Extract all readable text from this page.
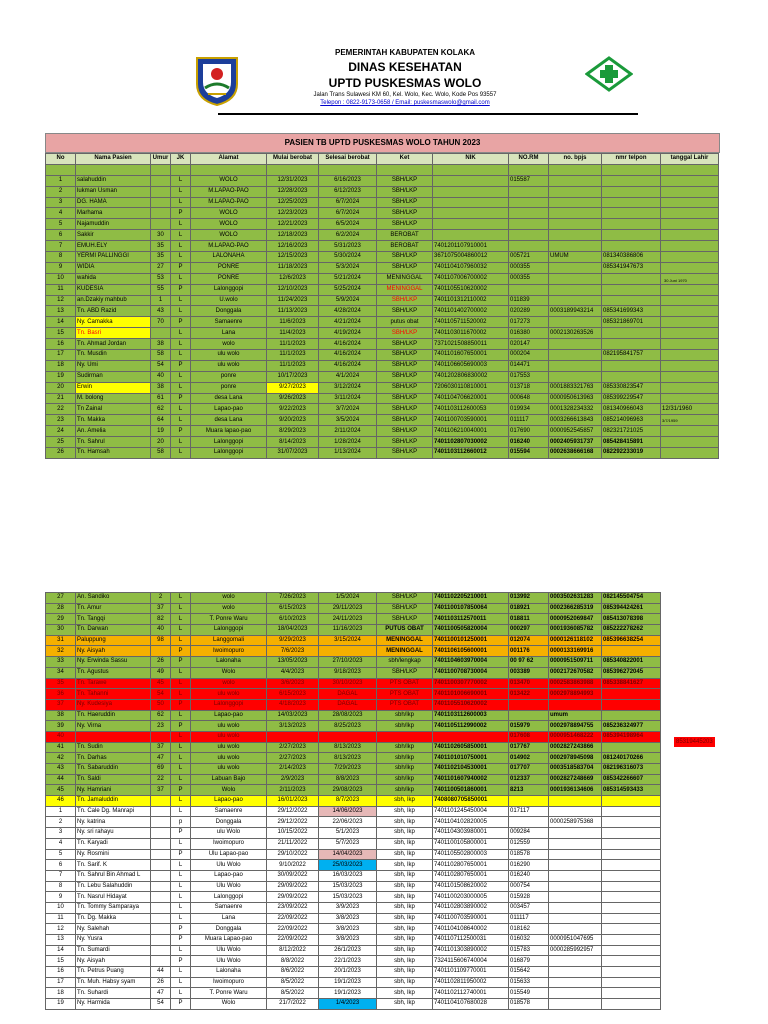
PEMERINTAH KABUPATEN KOLAKA
DINAS KESEHATAN
UPTD PUSKESMAS WOLO
Jalan Trans Sulawesi KM 60, Kel. Wolo, Kec. Wolo, Kode Pos 93557
Telepon : 0822-9173-0658 / Email: puskesmaswolo@gmail.com
PASIEN TB UPTD PUSKESMAS WOLO TAHUN 2023
No	Nama Pasien	Umur	JK	Alamat	Mulai berobat	Selesai berobat	Ket	NIK	NO.RM	no. bpjs	nmr telpon	tanggal Lahir

1	salahuddin		L	WOLO	12/31/2023	6/16/2023	SBH/LKP		015587			
2	lukman Usman		L	M.LAPAO-PAO	12/28/2023	6/12/2023	SBH/LKP					
3	DG. HAMA		L	M.LAPAO-PAO	12/25/2023	6/7/2024	SBH/LKP					
4	Marhama		P	WOLO	12/23/2023	6/7/2024	SBH/LKP					
5	Najamuddin		L	WOLO	12/21/2023	6/5/2024	SBH/LKP					
6	Sakkir	30	L	WOLO	12/18/2023	6/2/2024	BEROBAT					
7	EMUH.ELY	35	L	M.LAPAO-PAO	12/16/2023	5/31/2023	BEROBAT	7401201107910001				
8	YERMI PALLINGGI	35	L	LALONAHA	12/15/2023	5/30/2024	SBH/LKP	3671075004860012	005721	UMUM	081340386806	
9	WIDIA	27	P	PONRE	11/18/2023	5/3/2024	SBH/LKP	7401104107960032	000355		085341947673	
10	wahida	53	L	PONRE	12/6/2023	5/21/2024	MENINGGAL	7401107006700002	000355			
11	KUDESIA	55	P	Lalonggopi	12/10/2023	5/25/2024	MENINGGAL	7401105510620002				
12	an.Dzakiy mahbub	1	L	U.wolo	11/24/2023	5/9/2024	SBH/LKP	7401101312110002	011839			
13	Tn. ABD Razid	43	L	Donggala	11/13/2023	4/28/2024	SBH/LKP	7401101402700002	020289	0003189943214	085341699343	
14	Ny. Camakka	70	P	Samaenre	11/6/2023	4/21/2024	putus obat	7401105711520002	017273		085321869701	
15	Tn. Basri		L	Lana	11/4/2023	4/19/2024	SBH/LKP	7401103011670002	016380	0002130263526		
16	Tn. Ahmad Jordan	38	L	wolo	11/1/2023	4/16/2024	SBH/LKP	7371021508850011	020147			
17	Tn. Musdin	58	L	ulu wolo	11/1/2023	4/16/2024	SBH/LKP	7401101607650001	000204		082195841757	
18	Ny. Umi	54	P	ulu wolo	11/1/2023	4/16/2024	SBH/LKP	7401106605690003	014471			
19	Sudirman	40	L	ponre	10/17/2023	4/1/2024	SBH/LKP	7401202806830002	017553			
20	Erwin	38	L	ponre	9/27/2023	3/12/2024	SBH/LKP	7206030110810001	013718	0001883321763	085330823547	
21	M. bolong	61	P	desa Lana	9/26/2023	3/11/2024	SBH/LKP	7401104706620001	000648	0000950613963	085399229547	
22	Tn Zainal	62	L	Lapao-pao	9/22/2023	3/7/2024	SBH/LKP	7401103112600053	019934	0001328234332	081340966043	12/31/1960
23	Tn. Makka	64	L	desa Lana	9/20/2023	3/5/2024	SBH/LKP	7401100703590001	011117	0003266613843	085214096963	3/7/1959
24	An. Amelia	19	P	Muara lapao-pao	8/29/2023	2/11/2024	SBH/LKP	7401106210040001	017690	0000952545857	082321721025	
25	Tn. Sahrul	20	L	Lalonggopi	8/14/2023	1/28/2024	SBH/LKP	7401102807030002	016240	0002405931737	085428415891	
26	Tn. Hamsah	58	L	Lalonggopi	31/07/2023	1/13/2024	SBH/LKP	7401103112660012	015594	0002638666168	082292233019	
30 Juni 1970
27	An. Sandiko	2	L	wolo	7/26/2023	1/5/2024	SBH/LKP	7401102205210001	013992	0003502631283	082145504754
28	Tn. Amur	37	L	wolo	6/15/2023	29/11/2023	SBH/LKP	7401100107850064	018921	0002366285319	085394424261
29	Tn. Tangqi	82	L	T. Ponre Waru	6/10/2023	24/11/2023	SBH/LKP	7401103112570011	018811	0000952069847	085413078398
30	Tn. Darwan	40	L	Lalonggopi	18/04/2023	11/16/2023	PUTUS OBAT	7401100505820004	000297	0001936085782	085222278262
31	Paluppung	98	L	Langgomali	9/29/2023	3/15/2024	MENINGGAL	7401100101250001	012074	0000126118102	085396638254
32	Ny. Aisyah		P	Iwoimopuro	7/6/2023		MENINGGAL	7401106105600001	001176	0000133169916	
33	Ny. Erwinda Sassu	26	P	Lalonaha	13/05/2023	27/10/2023	sbh/lengkap	7401104603970004	00 97 62	0000951509711	085340822001
34	Tn. Agustus	49	L	Wolo	4/4/2023	9/18/2023	SBH/LKP	7401100708730004	003389	0002172670582	085396272045
35	Tn. Tarawe	45	L	wolo	3/6/2023	30/10/2023	PTS OBAT	7401100307770002	013470	0002583863988	085338841627
36	Tn. Tahanni	54	L	ulu wolo	6/15/2023	DAGAL	PTS OBAT	7401101006690001	013422	0002978894993	
37	Ny. Kudesiya	50	P	Lalonggopi	4/18/2023	DAGAL	PTS OBAT	7401105510620002			
38	Tn. Haeruddin	62	L	Lapao-pao	14/03/2023	28/08/2023	sbh/lkp	7401103112600003		umum	
39	Ny. Virna	23	P	ulu wolo	3/13/2023	8/25/2023	sbh/lkp	7401105112990002	015979	0002978894755	085236324977
40			L	ulu wolo					017608	0000951468222	085394198964
41	Tn. Sudin	37	L	ulu wolo	2/27/2023	8/13/2023	sbh/lkp	7401102605850001	017767	0002827243866	
42	Tn. Darhas	47	L	ulu wolo	2/27/2023	8/13/2023	sbh/lkp	7401101010750001	014902	0002978945098	081240170266
43	Tn. Sabaruddin	69	L	ulu wolo	2/14/2023	7/29/2023	sbh/lkp	7401102104530001	017707	0003518583704	082196316073
44	Tn. Saldi	22	L	Labuan Bajo	2/9/2023	8/8/2023	sbh/lkp	7401101607940002	012337	0002827248669	085342266607
45	Ny. Hamriani	37	P	Wolo	2/11/2023	29/08/2023	sbh/lkp	7401100501860001	8213	0001936134606	085314593433
46	Tn. Jamaluddin		L	Lapao-pao	16/01/2023	8/7/2023	sbh, lkp	7408080705850001			
1	Tn. Cale Dg. Manrapi		L	Samaenre	29/12/2022	14/06/2023	sbh, lkp	7401101245450004	017117		
2	Ny. katrina		p	Donggala	29/12/2022	22/06/2023	sbh, lkp	7401104102820005		0000258975368	
3	Ny. sri rahayu		P	ulu Wolo	10/15/2022	5/1/2023	sbh, lkp	7401104303980001	009284		
4	Tn. Karyadi		L	Iwoimopuro	21/11/2022	5/7/2023	sbh, lkp	7401100105800001	012559		
5	Ny. Rosmini		P	Ulu Lapao-pao	29/10/2022	14/04/2023	sbh, lkp	7401105502800003	018578		
6	Tn. Sarif. K		L	Ulu Wolo	9/10/2022	25/03/2023	sbh, lkp	7401102807650001	016290		
7	Tn. Sahrul Bin Ahmad L		L	Lapao-pao	30/09/2022	16/03/2023	sbh, lkp	7401102807650001	016240		
8	Tn. Lebu Salahuddin		L	Ulu Wolo	29/09/2022	15/03/2023	sbh, lkp	7401101508620002	000754		
9	Tn. Nasrul Hidayat		L	Lalonggopi	29/09/2022	15/03/2023	sbh, lkp	7401100203000005	015928		
10	Tn. Tommy Samparaya		L	Samaenre	23/09/2022	3/9/2023	sbh, lkp	7401102803890002	003457		
11	Tn. Dg. Makka		L	Lana	22/09/2022	3/8/2023	sbh, lkp	7401100703590001	011117		
12	Ny. Salehah		P	Donggala	22/09/2022	3/8/2023	sbh, lkp	7401104108640002	018162		
13	Ny. Yusra		P	Muara Lapao-pao	22/09/2022	3/8/2023	sbh, lkp	7401107112500031	016032	0000951047695	
14	Tn. Sumardi		L	Ulu Wolo	8/12/2022	26/1/2023	sbh, lkp	7401101303890002	015783	0000285992957	
15	Ny. Aisyah		P	Ulu Wolo	8/8/2022	22/1/2023	sbh, lkp	7324115606740004	016879		
16	Tn. Petrus Puang	44	L	Lalonaha	8/6/2022	20/1/2023	sbh, lkp	7401101109770001	015642		
17	Tn. Muh. Habsy syam	26	L	Iwoimopuro	8/5/2022	19/1/2023	sbh, lkp	7401102811950002	015633		
18	Tn. Suhardi	47	L	T. Ponre Waru	8/5/2022	19/1/2023	sbh, lkp	7401102112740001	015549		
19	Ny. Harmida	54	P	Wolo	21/7/2022	1/4/2023	sbh, lkp	7401104107680028	018578		
85319445203
